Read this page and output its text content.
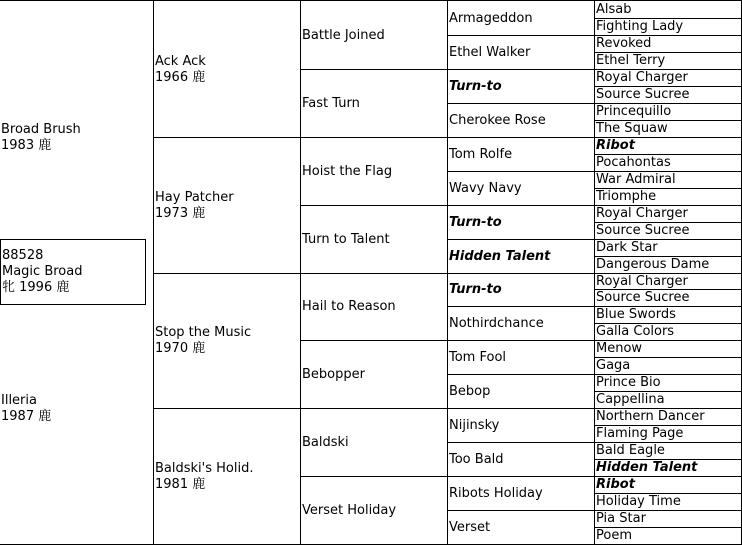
Broad Brush
1983 鹿
Illeria
1987 鹿
Ack Ack
1966 鹿
Hay Patcher
1973 鹿
Stop the Music
1970 鹿
Baldski's Holid.
1981 鹿
Battle Joined
Fast Turn
Hoist the Flag
Turn to Talent
Hail to Reason
Bebopper
Baldski
Verset Holiday
Armageddon
Ethel Walker
Turn-to
Cherokee Rose
Tom Rolfe
Wavy Navy
Turn-to
Hidden Talent
Turn-to
Nothirdchance
Tom Fool
Bebop
Nijinsky
Too Bald
Ribots Holiday
Verset
Alsab
Fighting Lady
Revoked
Ethel Terry
Royal Charger
Source Sucree
Princequillo
The Squaw
Ribot
Pocahontas
War Admiral
Triomphe
Royal Charger
Source Sucree
Dark Star
Dangerous Dame
Royal Charger
Source Sucree
Blue Swords
Galla Colors
Menow
Gaga
Prince Bio
Cappellina
Northern Dancer
Flaming Page
Bald Eagle
Hidden Talent
Ribot
Holiday Time
Pia Star
Poem
88528
Magic Broad
牝 1996 鹿
